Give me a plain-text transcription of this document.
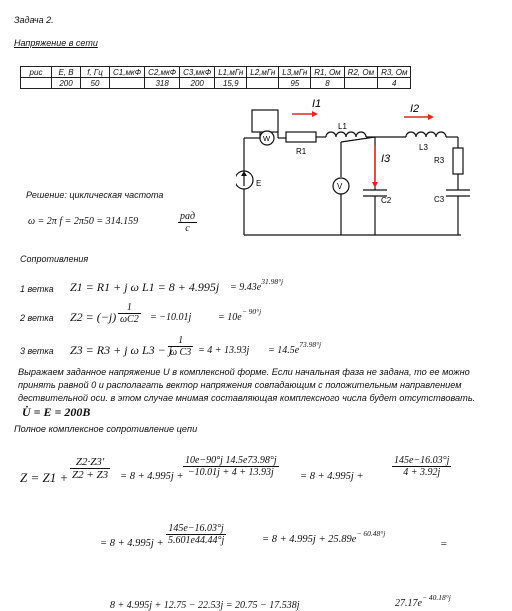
Задача 2.
Напряжение в сети
рис	E, B	f, Гц	C1,мкФ	C2,мкФ	C3,мкФ	L1,мГн	L2,мГн	L3,мГн	R1, Ом	R2, Ом	R3, Ом
	200	50		318	200	15,9		95	8		4
E
W
V
I1	I2
I3
R1
L1
L3
R3
C2	C3
Решение: циклическая частота
ω = 2π f = 2π50 = 314.159	рад
с
Сопротивления
1 ветка Z1 = R1 + j ω $L1 = 8 + 4.995j = 9.43e^{31.98^\circ j}$
2 ветка $Z2 = (-j) \frac{1}{\omega C2} = -10.01j$	= $10e^{- 90^\circ j}$
3 ветка Z3 = R3 + j ω L3 − j
$\frac{1}{\text{ω C3}} = 4 + 13.93j = 14.5e^{73.98^\circ j}$
Выражаем заданное напряжение U в комплексной форме. Если начальная фаза не задана, то ее можно
принять равной 0 и располагать вектор напряжения совпадающим с положительным направлением
дествительной оси. в этом случае мнимая составляющая комплексного числа будет отсутствовать.
U̇ = E = 200B
Полное комплексное сопротивление цепи
$Z = Z1 + \frac{Z2\cdot Z3'}{Z2 + Z3} = 8 + 4.995j + \frac{10e-90^\circ j 14.5e73.98^\circ j}{-10.01j + 4 + 13.93j} = 8 + 4.995j$ +	$\frac{145e-16.03^\circ j}{4 + 3.92j}$
= $8 + 4.995j + \frac{145e-16.03^\circ j}{5.601e44.44^\circ j}$	= $8 + 4.995j + 25.89e^{- 60.48^\circ j}$
=
8 + 4.995j + 12.75 − 22.53j = 20.75 − 17.538j	$27.17e^{- 40.18^\circ j}$
